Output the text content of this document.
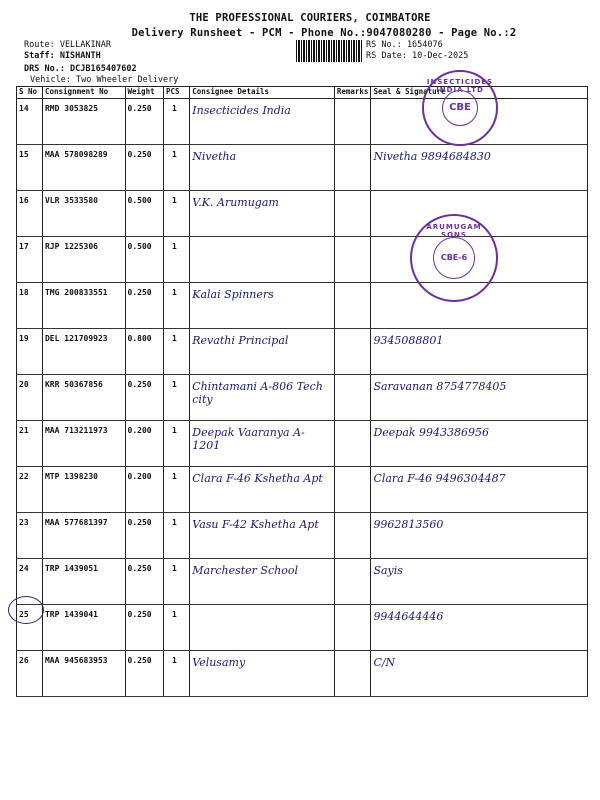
THE PROFESSIONAL COURIERS, COIMBATORE
Delivery Runsheet - PCM - Phone No.:9047080280 - Page No.:2
Route: VELLAKINAR
Staff: NISHANTH
DRS No.: DCJB165407602
Vehicle: Two Wheeler Delivery
RS No.: 1654076
RS Date: 10-Dec-2025
S No	Consignment No	Weight	PCS	Consignee Details	Remarks	Seal & Signature
14	RMD 3053825	0.250	1	Insecticides India		
15	MAA 578098289	0.250	1	Nivetha		Nivetha 9894684830
16	VLR 3533580	0.500	1	V.K. Arumugam		
17	RJP 1225306	0.500	1			
18	TMG 200833551	0.250	1	Kalai Spinners		
19	DEL 121709923	0.800	1	Revathi Principal		9345088801
20	KRR 50367856	0.250	1	Chintamani A-806 Tech city		Saravanan 8754778405
21	MAA 713211973	0.200	1	Deepak Vaaranya A-1201		Deepak 9943386956
22	MTP 1398230	0.200	1	Clara F-46 Kshetha Apt		Clara F-46 9496304487
23	MAA 577681397	0.250	1	Vasu F-42 Kshetha Apt		9962813560
24	TRP 1439051	0.250	1	Marchester School		Sayis
25	TRP 1439041	0.250	1			9944644446
26	MAA 945683953	0.250	1	Velusamy		C/N
INSECTICIDES INDIA LTD
CBE
ARUMUGAM SONS
CBE-6
